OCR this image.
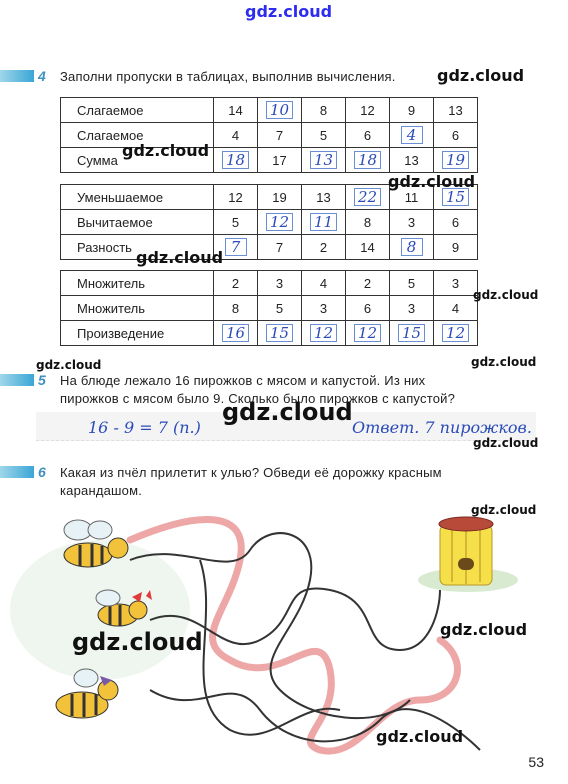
gdz.cloud
4 Заполни пропуски в таблицах, выполнив вычисления.	gdz.cloud
Слагаемое	14	10	8	12	9	13
Слагаемое	4	7	5	6	4	6
Сумма	18	17	13	18	13	19
Уменьшаемое	12	19	13	22	11	15
Вычитаемое	5	12	11	8	3	6
Разность	7	7	2	14	8	9
Множитель	2	3	4	2	5	3
Множитель	8	5	3	6	3	4
Произведение	16	15	12	12	15	12
gdz.cloud
gdz.cloud
gdz.cloud
gdz.cloud
gdz.cloud	gdz.cloud
5 На блюде лежало 16 пирожков с мясом и капустой. Из них
пирожков с мясом было 9. Сколько было пирожков с капустой?
16 - 9 = 7 (п.)	Ответ. 7 пирожков.
gdz.cloud
gdz.cloud
6 Какая из пчёл прилетит к улью? Обведи её дорожку красным
карандашом.
gdz.cloud
gdz.cloud	gdz.cloud
gdz.cloud
53
